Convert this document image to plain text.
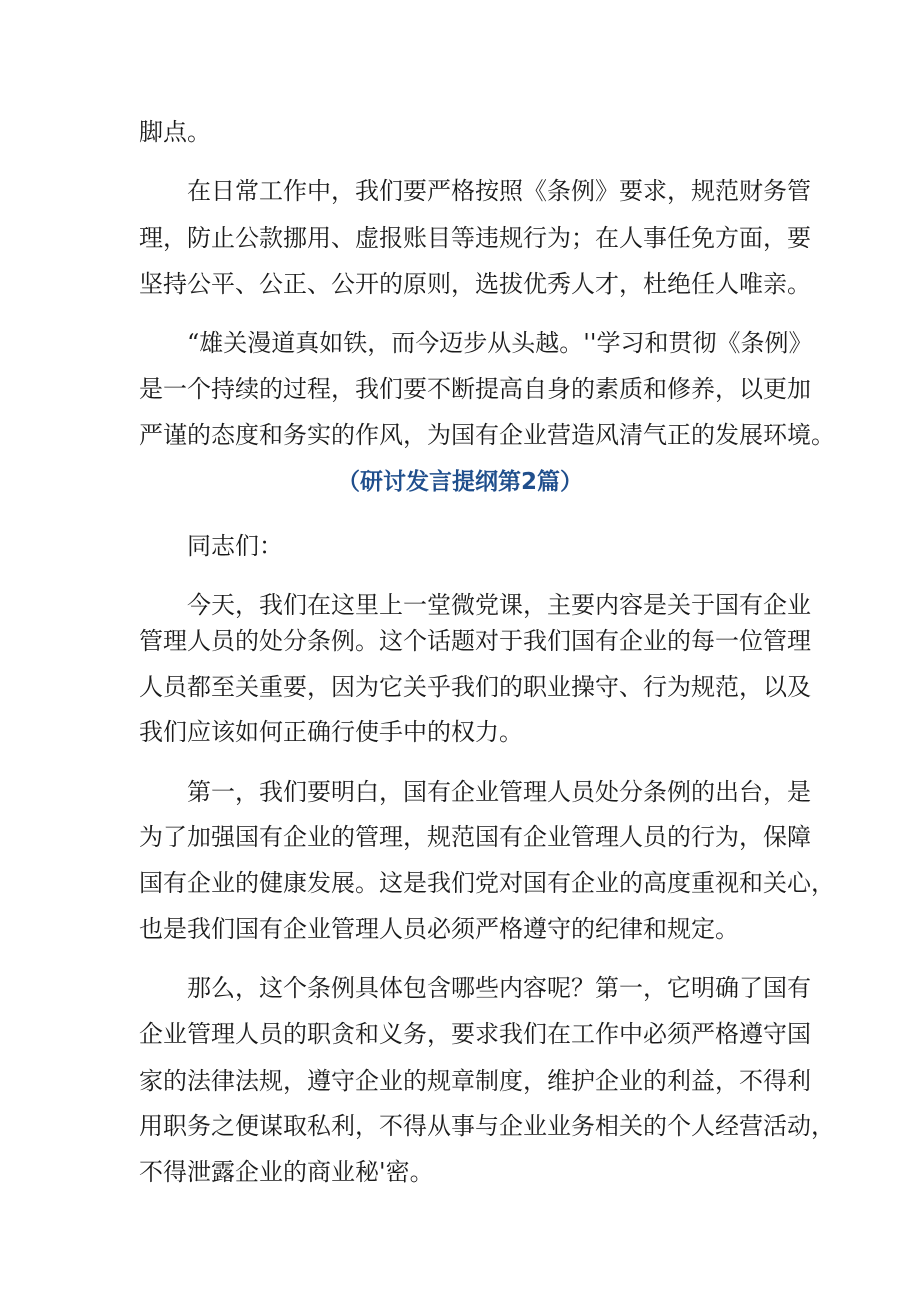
脚点。
在日常工作中，我们要严格按照《条例》要求，规范财务管
理，防止公款挪用、虚报账目等违规行为；在人事任免方面，要
坚持公平、公正、公开的原则，选拔优秀人才，杜绝任人唯亲。
“雄关漫道真如铁，而今迈步从头越。''学习和贯彻《条例》
是一个持续的过程，我们要不断提高自身的素质和修养，以更加
严谨的态度和务实的作风，为国有企业营造风清气正的发展环境。
（研讨发言提纲第2篇）
同志们：
今天，我们在这里上一堂微党课，主要内容是关于国有企业
管理人员的处分条例。这个话题对于我们国有企业的每一位管理
人员都至关重要，因为它关乎我们的职业操守、行为规范，以及
我们应该如何正确行使手中的权力。
第一，我们要明白，国有企业管理人员处分条例的出台，是
为了加强国有企业的管理，规范国有企业管理人员的行为，保障
国有企业的健康发展。这是我们党对国有企业的高度重视和关心，
也是我们国有企业管理人员必须严格遵守的纪律和规定。
那么，这个条例具体包含哪些内容呢？第一，它明确了国有
企业管理人员的职贪和义务，要求我们在工作中必须严格遵守国
家的法律法规，遵守企业的规章制度，维护企业的利益，不得利
用职务之便谋取私利，不得从事与企业业务相关的个人经营活动，
不得泄露企业的商业秘'密。
